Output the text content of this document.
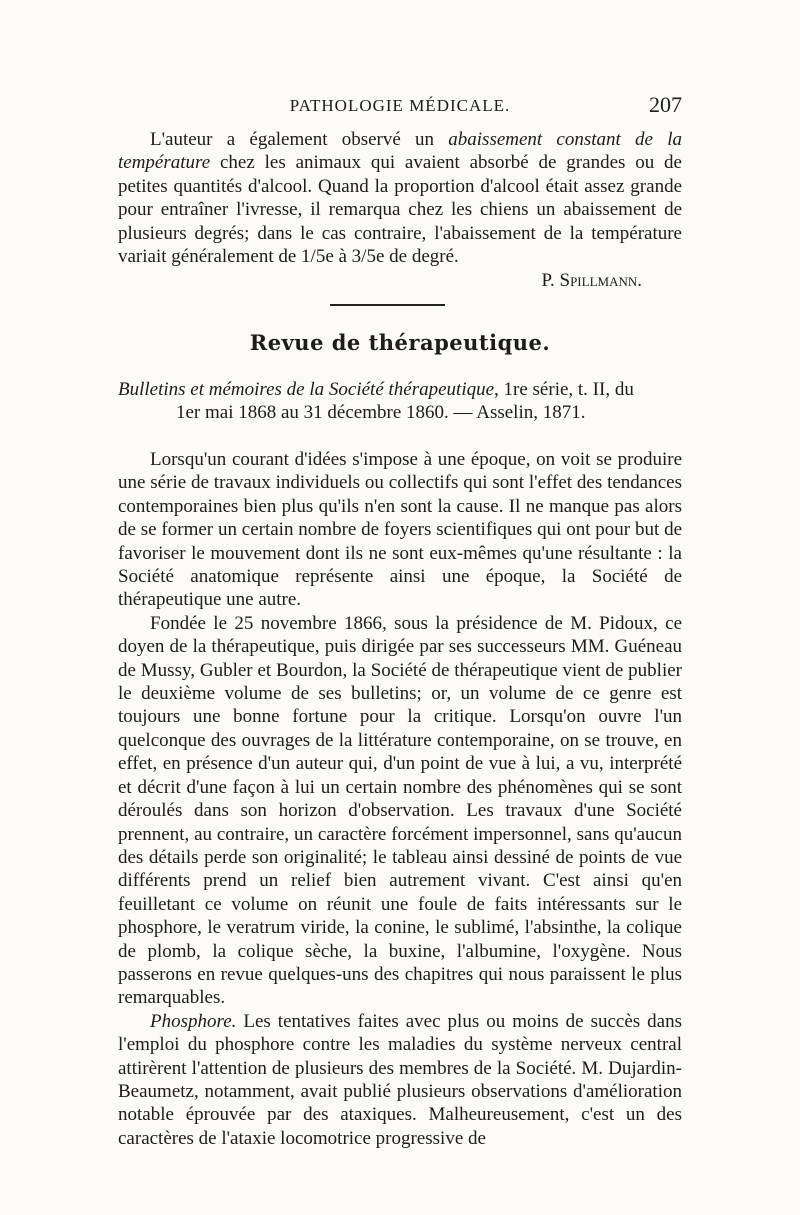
PATHOLOGIE MÉDICALE.	207

L'auteur a également observé un abaissement constant de la température chez les animaux qui avaient absorbé de grandes ou de petites quantités d'alcool. Quand la proportion d'alcool était assez grande pour entraîner l'ivresse, il remarqua chez les chiens un abaissement de plusieurs degrés; dans le cas contraire, l'abaissement de la température variait généralement de 1/5e à 3/5e de degré.

P. Spillmann.
Revue de thérapeutique.
Bulletins et mémoires de la Société thérapeutique, 1re série, t. II, du
1er mai 1868 au 31 décembre 1860. — Asselin, 1871.

Lorsqu'un courant d'idées s'impose à une époque, on voit se produire une série de travaux individuels ou collectifs qui sont l'effet des tendances contemporaines bien plus qu'ils n'en sont la cause. Il ne manque pas alors de se former un certain nombre de foyers scientifiques qui ont pour but de favoriser le mouvement dont ils ne sont eux-mêmes qu'une résultante : la Société anatomique représente ainsi une époque, la Société de thérapeutique une autre.

Fondée le 25 novembre 1866, sous la présidence de M. Pidoux, ce doyen de la thérapeutique, puis dirigée par ses successeurs MM. Guéneau de Mussy, Gubler et Bourdon, la Société de thérapeutique vient de publier le deuxième volume de ses bulletins; or, un volume de ce genre est toujours une bonne fortune pour la critique. Lorsqu'on ouvre l'un quelconque des ouvrages de la littérature contemporaine, on se trouve, en effet, en présence d'un auteur qui, d'un point de vue à lui, a vu, interprété et décrit d'une façon à lui un certain nombre des phénomènes qui se sont déroulés dans son horizon d'observation. Les travaux d'une Société prennent, au contraire, un caractère forcément impersonnel, sans qu'aucun des détails perde son originalité; le tableau ainsi dessiné de points de vue différents prend un relief bien autrement vivant. C'est ainsi qu'en feuilletant ce volume on réunit une foule de faits intéressants sur le phosphore, le veratrum viride, la conine, le sublimé, l'absinthe, la colique de plomb, la colique sèche, la buxine, l'albumine, l'oxygène. Nous passerons en revue quelques-uns des chapitres qui nous paraissent le plus remarquables.

Phosphore. Les tentatives faites avec plus ou moins de succès dans l'emploi du phosphore contre les maladies du système nerveux central attirèrent l'attention de plusieurs des membres de la Société. M. Dujardin-Beaumetz, notamment, avait publié plusieurs observations d'amélioration notable éprouvée par des ataxiques. Malheureusement, c'est un des caractères de l'ataxie locomotrice progressive de
